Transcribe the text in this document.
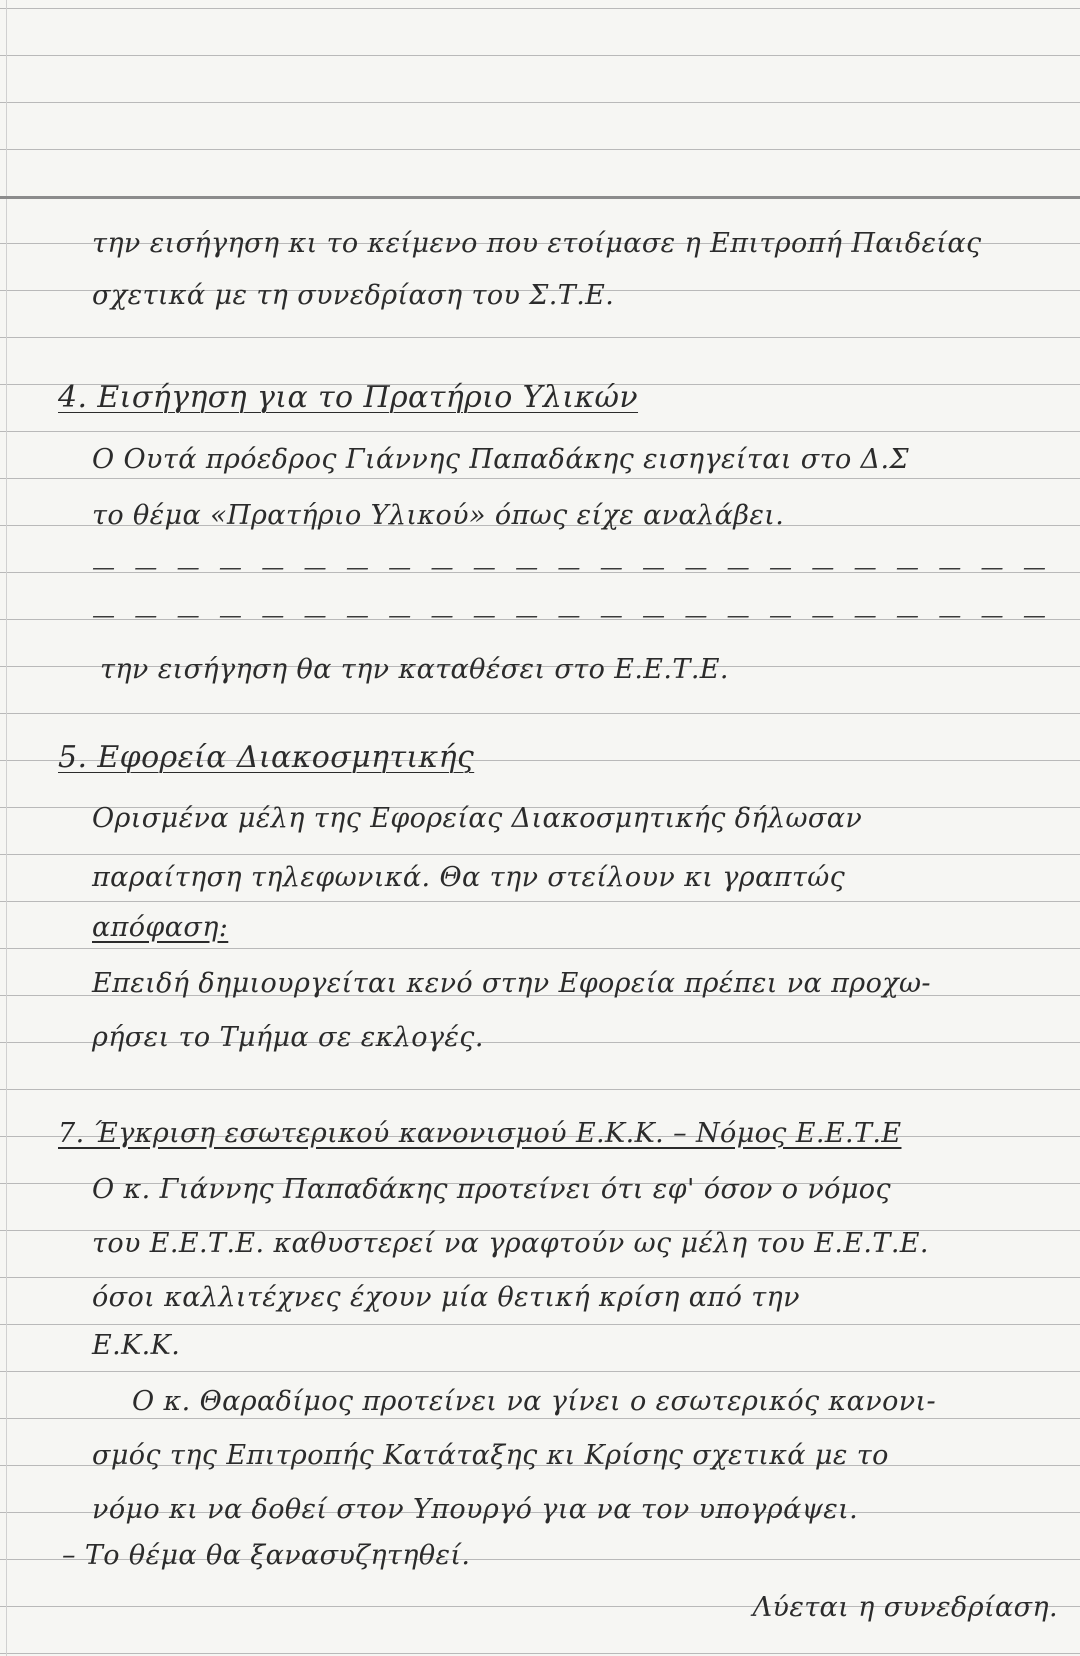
την εισήγηση κι το κείμενο που ετοίμασε η Επιτροπή Παιδείας
σχετικά με τη συνεδρίαση του Σ.Τ.Ε.
4. Εισήγηση για το Πρατήριο Υλικών
Ο Ουτά πρόεδρος Γιάννης Παπαδάκης εισηγείται στο Δ.Σ
το θέμα «Πρατήριο Υλικού» όπως είχε αναλάβει.
— — — — — — — — — — — — — — — — — — — — — — —
— — — — — — — — — — — — — — — — — — — — — — —
την εισήγηση θα την καταθέσει στο Ε.Ε.Τ.Ε.
5. Εφορεία Διακοσμητικής
Ορισμένα μέλη της Εφορείας Διακοσμητικής δήλωσαν
παραίτηση τηλεφωνικά. Θα την στείλουν κι γραπτώς
απόφαση:
Επειδή δημιουργείται κενό στην Εφορεία πρέπει να προχω-
ρήσει το Τμήμα σε εκλογές.
7. Έγκριση εσωτερικού κανονισμού Ε.Κ.Κ. – Νόμος Ε.Ε.Τ.Ε
Ο κ. Γιάννης Παπαδάκης προτείνει ότι εφ' όσον ο νόμος
του Ε.Ε.Τ.Ε. καθυστερεί να γραφτούν ως μέλη του Ε.Ε.Τ.Ε.
όσοι καλλιτέχνες έχουν μία θετική κρίση από την
Ε.Κ.Κ.
Ο κ. Θαραδίμος προτείνει να γίνει ο εσωτερικός κανονι-
σμός της Επιτροπής Κατάταξης κι Κρίσης σχετικά με το
νόμο κι να δοθεί στον Υπουργό για να τον υπογράψει.
– Το θέμα θα ξανασυζητηθεί.
Λύεται η συνεδρίαση.
